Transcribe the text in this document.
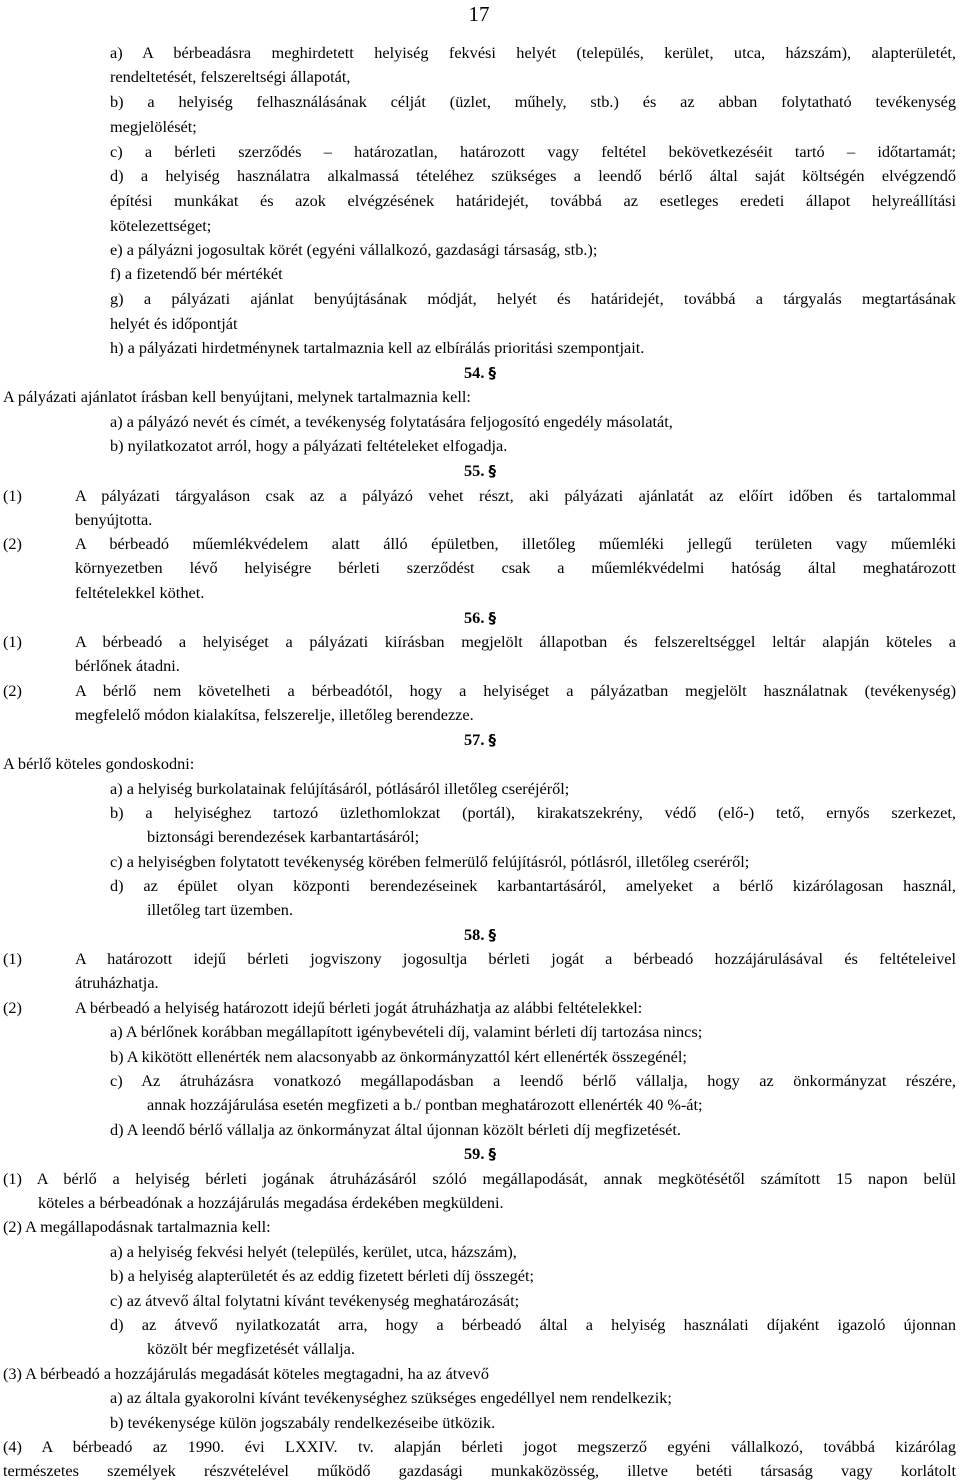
17
a) A bérbeadásra meghirdetett helyiség fekvési helyét (település, kerület, utca, házszám), alapterületét,
rendeltetését, felszereltségi állapotát,
b) a helyiség felhasználásának célját (üzlet, műhely, stb.) és az abban folytatható tevékenység
megjelölését;
c) a bérleti szerződés – határozatlan, határozott vagy feltétel bekövetkezéséit tartó – időtartamát;
d) a helyiség használatra alkalmassá tételéhez szükséges a leendő bérlő által saját költségén elvégzendő
építési munkákat és azok elvégzésének határidejét, továbbá az esetleges eredeti állapot helyreállítási
kötelezettséget;
e) a pályázni jogosultak körét (egyéni vállalkozó, gazdasági társaság, stb.);
f) a fizetendő bér mértékét
g) a pályázati ajánlat benyújtásának módját, helyét és határidejét, továbbá a tárgyalás megtartásának
helyét és időpontját
h) a pályázati hirdetménynek tartalmaznia kell az elbírálás prioritási szempontjait.
54. §
A pályázati ajánlatot írásban kell benyújtani, melynek tartalmaznia kell:
a) a pályázó nevét és címét, a tevékenység folytatására feljogosító engedély másolatát,
b) nyilatkozatot arról, hogy a pályázati feltételeket elfogadja.
55. §
(1)	A pályázati tárgyaláson csak az a pályázó vehet részt, aki pályázati ajánlatát az előírt időben és tartalommal
benyújtotta.
(2)	A bérbeadó műemlékvédelem alatt álló épületben, illetőleg műemléki jellegű területen vagy műemléki
környezetben lévő helyiségre bérleti szerződést csak a műemlékvédelmi hatóság által meghatározott
feltételekkel köthet.
56. §
(1)	A bérbeadó a helyiséget a pályázati kiírásban megjelölt állapotban és felszereltséggel leltár alapján köteles a
bérlőnek átadni.
(2)	A bérlő nem követelheti a bérbeadótól, hogy a helyiséget a pályázatban megjelölt használatnak (tevékenység)
megfelelő módon kialakítsa, felszerelje, illetőleg berendezze.
57. §
A bérlő köteles gondoskodni:
a) a helyiség burkolatainak felújításáról, pótlásáról illetőleg cseréjéről;
b) a helyiséghez tartozó üzlethomlokzat (portál), kirakatszekrény, védő (elő-) tető, ernyős szerkezet,
biztonsági berendezések karbantartásáról;
c) a helyiségben folytatott tevékenység körében felmerülő felújításról, pótlásról, illetőleg cseréről;
d) az épület olyan központi berendezéseinek karbantartásáról, amelyeket a bérlő kizárólagosan használ,
illetőleg tart üzemben.
58. §
(1)	A határozott idejű bérleti jogviszony jogosultja bérleti jogát a bérbeadó hozzájárulásával és feltételeivel
átruházhatja.
(2)	A bérbeadó a helyiség határozott idejű bérleti jogát átruházhatja az alábbi feltételekkel:
a) A bérlőnek korábban megállapított igénybevételi díj, valamint bérleti díj tartozása nincs;
b) A kikötött ellenérték nem alacsonyabb az önkormányzattól kért ellenérték összegénél;
c) Az átruházásra vonatkozó megállapodásban a leendő bérlő vállalja, hogy az önkormányzat részére,
annak hozzájárulása esetén megfizeti a b./ pontban meghatározott ellenérték 40 %-át;
d) A leendő bérlő vállalja az önkormányzat által újonnan közölt bérleti díj megfizetését.
59. §
(1) A bérlő a helyiség bérleti jogának átruházásáról szóló megállapodását, annak megkötésétől számított 15 napon belül
köteles a bérbeadónak a hozzájárulás megadása érdekében megküldeni.
(2) A megállapodásnak tartalmaznia kell:
a) a helyiség fekvési helyét (település, kerület, utca, házszám),
b) a helyiség alapterületét és az eddig fizetett bérleti díj összegét;
c) az átvevő által folytatni kívánt tevékenység meghatározását;
d) az átvevő nyilatkozatát arra, hogy a bérbeadó által a helyiség használati díjaként igazoló újonnan
közölt bér megfizetését vállalja.
(3) A bérbeadó a hozzájárulás megadását köteles megtagadni, ha az átvevő
a) az általa gyakorolni kívánt tevékenységhez szükséges engedéllyel nem rendelkezik;
b) tevékenysége külön jogszabály rendelkezéseibe ütközik.
(4) A bérbeadó az 1990. évi LXXIV. tv. alapján bérleti jogot megszerző egyéni vállalkozó, továbbá kizárólag
természetes személyek részvételével működő gazdasági munkaközösség, illetve betéti társaság vagy korlátolt
